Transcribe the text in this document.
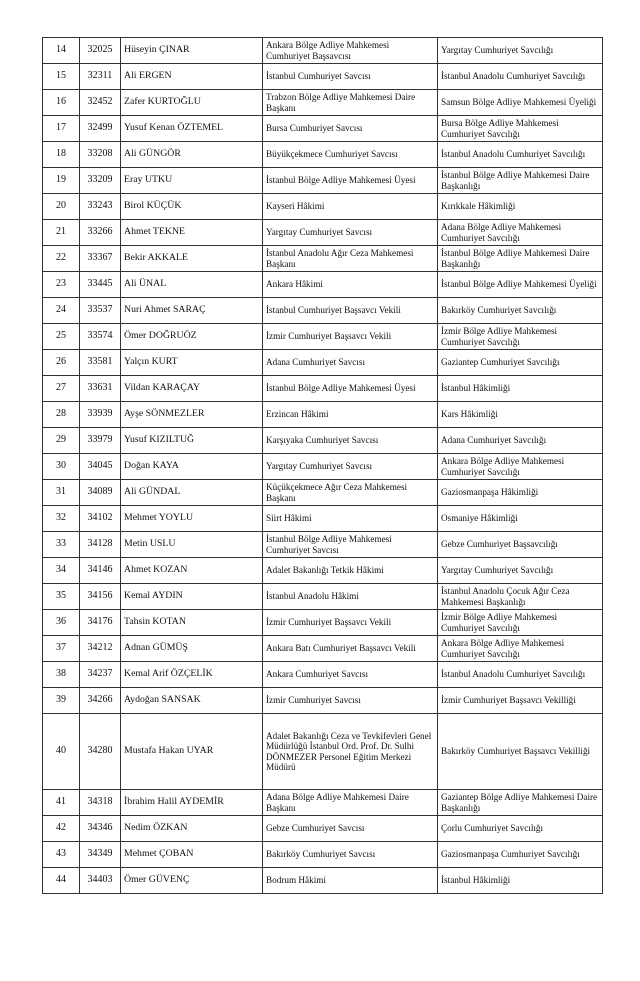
14	32025	Hüseyin ÇINAR	Ankara Bölge Adliye Mahkemesi Cumhuriyet Başsavcısı	Yargıtay Cumhuriyet Savcılığı
15	32311	Ali ERGEN	İstanbul Cumhuriyet Savcısı	İstanbul Anadolu Cumhuriyet Savcılığı
16	32452	Zafer KURTOĞLU	Trabzon Bölge Adliye Mahkemesi Daire Başkanı	Samsun Bölge Adliye Mahkemesi Üyeliği
17	32499	Yusuf Kenan ÖZTEMEL	Bursa Cumhuriyet Savcısı	Bursa Bölge Adliye Mahkemesi Cumhuriyet Savcılığı
18	33208	Ali GÜNGÖR	Büyükçekmece Cumhuriyet Savcısı	İstanbul Anadolu Cumhuriyet Savcılığı
19	33209	Eray UTKU	İstanbul Bölge Adliye Mahkemesi Üyesi	İstanbul Bölge Adliye Mahkemesi Daire Başkanlığı
20	33243	Birol KÜÇÜK	Kayseri Hâkimi	Kırıkkale Hâkimliği
21	33266	Ahmet TEKNE	Yargıtay Cumhuriyet Savcısı	Adana Bölge Adliye Mahkemesi Cumhuriyet Savcılığı
22	33367	Bekir AKKALE	İstanbul Anadolu Ağır Ceza Mahkemesi Başkanı	İstanbul Bölge Adliye Mahkemesi Daire Başkanlığı
23	33445	Ali ÜNAL	Ankara Hâkimi	İstanbul Bölge Adliye Mahkemesi Üyeliği
24	33537	Nuri Ahmet SARAÇ	İstanbul Cumhuriyet Başsavcı Vekili	Bakırköy Cumhuriyet Savcılığı
25	33574	Ömer DOĞRUÖZ	İzmir Cumhuriyet Başsavcı Vekili	İzmir Bölge Adliye Mahkemesi Cumhuriyet Savcılığı
26	33581	Yalçın KURT	Adana Cumhuriyet Savcısı	Gaziantep Cumhuriyet Savcılığı
27	33631	Vildan KARAÇAY	İstanbul Bölge Adliye Mahkemesi Üyesi	İstanbul Hâkimliği
28	33939	Ayşe SÖNMEZLER	Erzincan Hâkimi	Kars Hâkimliği
29	33979	Yusuf KIZILTUĞ	Karşıyaka Cumhuriyet Savcısı	Adana Cumhuriyet Savcılığı
30	34045	Doğan KAYA	Yargıtay Cumhuriyet Savcısı	Ankara Bölge Adliye Mahkemesi Cumhuriyet Savcılığı
31	34089	Ali GÜNDAL	Küçükçekmece Ağır Ceza Mahkemesi Başkanı	Gaziosmanpaşa Hâkimliği
32	34102	Mehmet YOYLU	Siirt Hâkimi	Osmaniye Hâkimliği
33	34128	Metin USLU	İstanbul Bölge Adliye Mahkemesi Cumhuriyet Savcısı	Gebze Cumhuriyet Başsavcılığı
34	34146	Ahmet KOZAN	Adalet Bakanlığı Tetkik Hâkimi	Yargıtay Cumhuriyet Savcılığı
35	34156	Kemal AYDIN	İstanbul Anadolu Hâkimi	İstanbul Anadolu Çocuk Ağır Ceza Mahkemesi Başkanlığı
36	34176	Tahsin KOTAN	İzmir Cumhuriyet Başsavcı Vekili	İzmir Bölge Adliye Mahkemesi Cumhuriyet Savcılığı
37	34212	Adnan GÜMÜŞ	Ankara Batı Cumhuriyet Başsavcı Vekili	Ankara Bölge Adliye Mahkemesi Cumhuriyet Savcılığı
38	34237	Kemal Arif ÖZÇELİK	Ankara Cumhuriyet Savcısı	İstanbul Anadolu Cumhuriyet Savcılığı
39	34266	Aydoğan SANSAK	İzmir Cumhuriyet Savcısı	İzmir Cumhuriyet Başsavcı Vekilliği
40	34280	Mustafa Hakan UYAR	Adalet Bakanlığı Ceza ve Tevkifevleri Genel Müdürlüğü İstanbul Ord. Prof. Dr. Sulhi DÖNMEZER Personel Eğitim Merkezi Müdürü	Bakırköy Cumhuriyet Başsavcı Vekilliği
41	34318	İbrahim Halil AYDEMİR	Adana Bölge Adliye Mahkemesi Daire Başkanı	Gaziantep Bölge Adliye Mahkemesi Daire Başkanlığı
42	34346	Nedim ÖZKAN	Gebze Cumhuriyet Savcısı	Çorlu Cumhuriyet Savcılığı
43	34349	Mehmet ÇOBAN	Bakırköy Cumhuriyet Savcısı	Gaziosmanpaşa Cumhuriyet Savcılığı
44	34403	Ömer GÜVENÇ	Bodrum Hâkimi	İstanbul Hâkimliği
